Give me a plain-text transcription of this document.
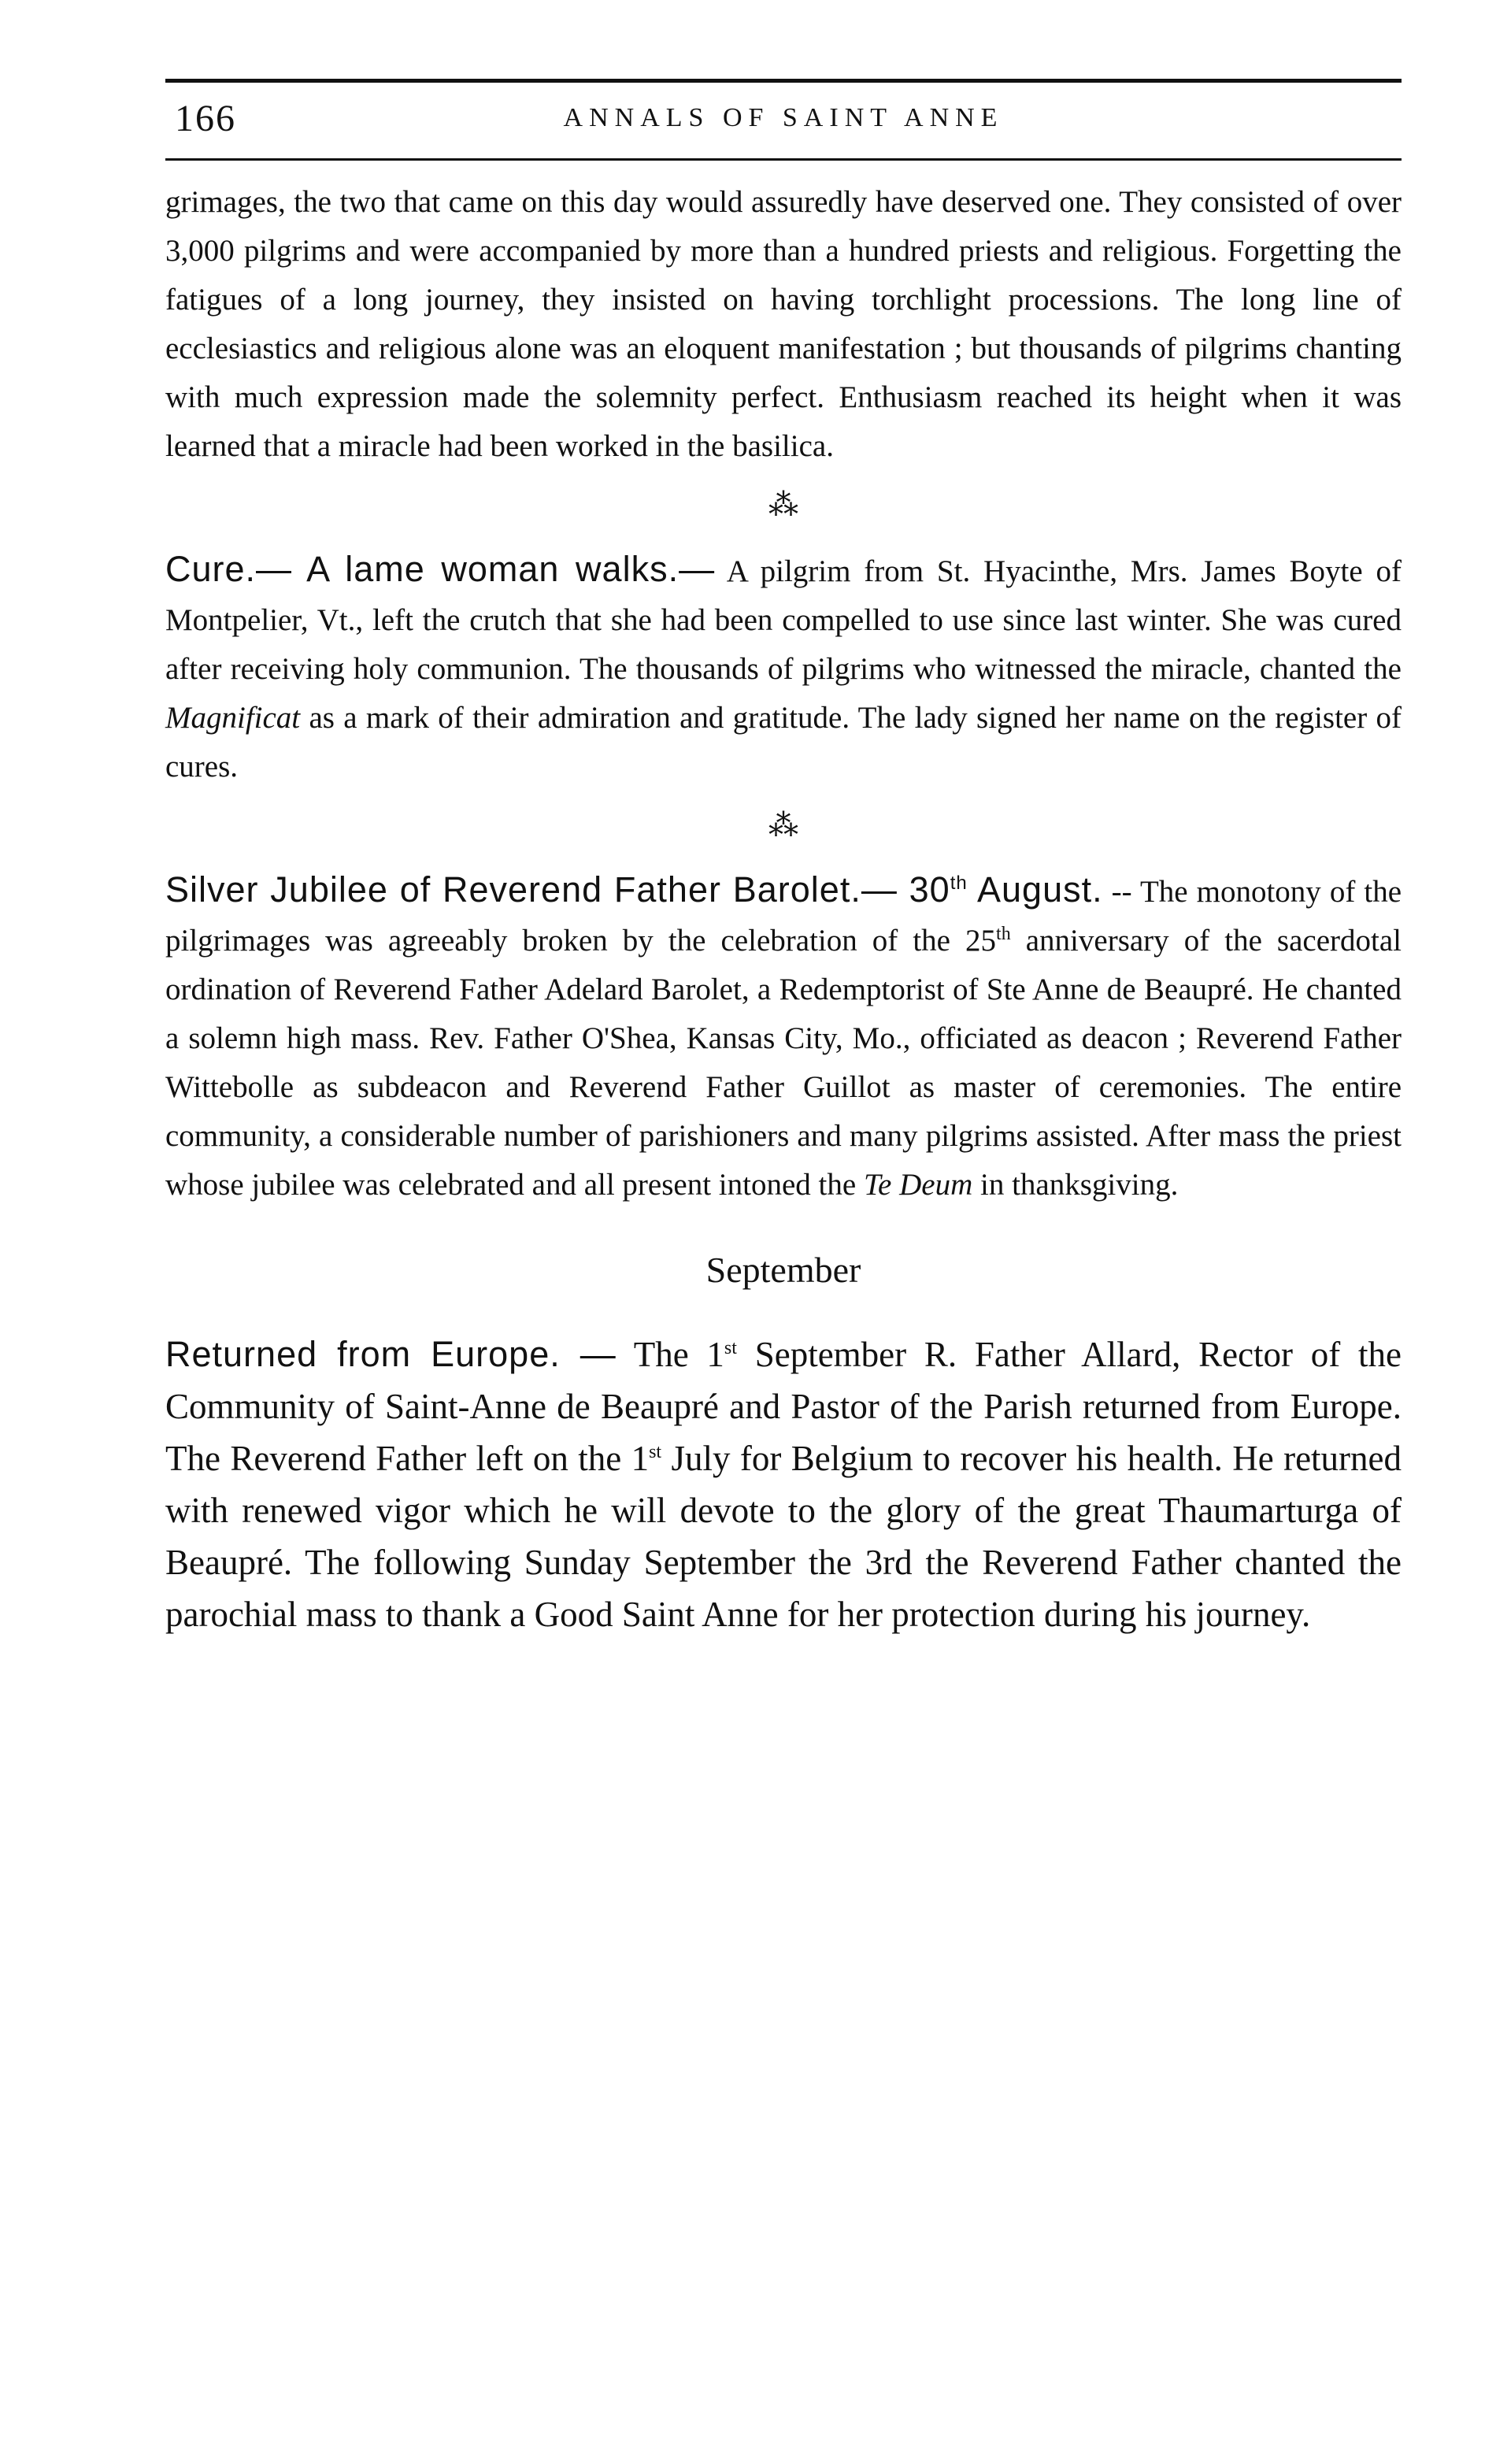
166	ANNALS OF SAINT ANNE

grimages, the two that came on this day would assuredly have deserved one. They consisted of over 3,000 pilgrims and were accompanied by more than a hundred priests and religious. Forgetting the fatigues of a long journey, they insisted on having torchlight processions. The long line of ecclesiastics and religious alone was an eloquent manifestation ; but thousands of pilgrims chanting with much expression made the solemnity perfect. Enthusiasm reached its height when it was learned that a miracle had been worked in the basilica.

⁂

Cure.— A lame woman walks.— A pilgrim from St. Hyacinthe, Mrs. James Boyte of Montpelier, Vt., left the crutch that she had been compelled to use since last winter. She was cured after receiving holy communion. The thousands of pilgrims who witnessed the miracle, chanted the Magnificat as a mark of their admiration and gratitude. The lady signed her name on the register of cures.

⁂

Silver Jubilee of Reverend Father Barolet.— 30th August. -- The monotony of the pilgrimages was agreeably broken by the celebration of the 25th anniversary of the sacerdotal ordination of Reverend Father Adelard Barolet, a Redemptorist of Ste Anne de Beaupré. He chanted a solemn high mass. Rev. Father O'Shea, Kansas City, Mo., officiated as deacon ; Reverend Father Wittebolle as subdeacon and Reverend Father Guillot as master of ceremonies. The entire community, a considerable number of parishioners and many pilgrims assisted. After mass the priest whose jubilee was celebrated and all present intoned the Te Deum in thanksgiving.

September

Returned from Europe. — The 1st September R. Father Allard, Rector of the Community of Saint-Anne de Beaupré and Pastor of the Parish returned from Europe. The Reverend Father left on the 1st July for Belgium to recover his health. He returned with renewed vigor which he will devote to the glory of the great Thaumarturga of Beaupré. The following Sunday September the 3rd the Reverend Father chanted the parochial mass to thank a Good Saint Anne for her protection during his journey.
